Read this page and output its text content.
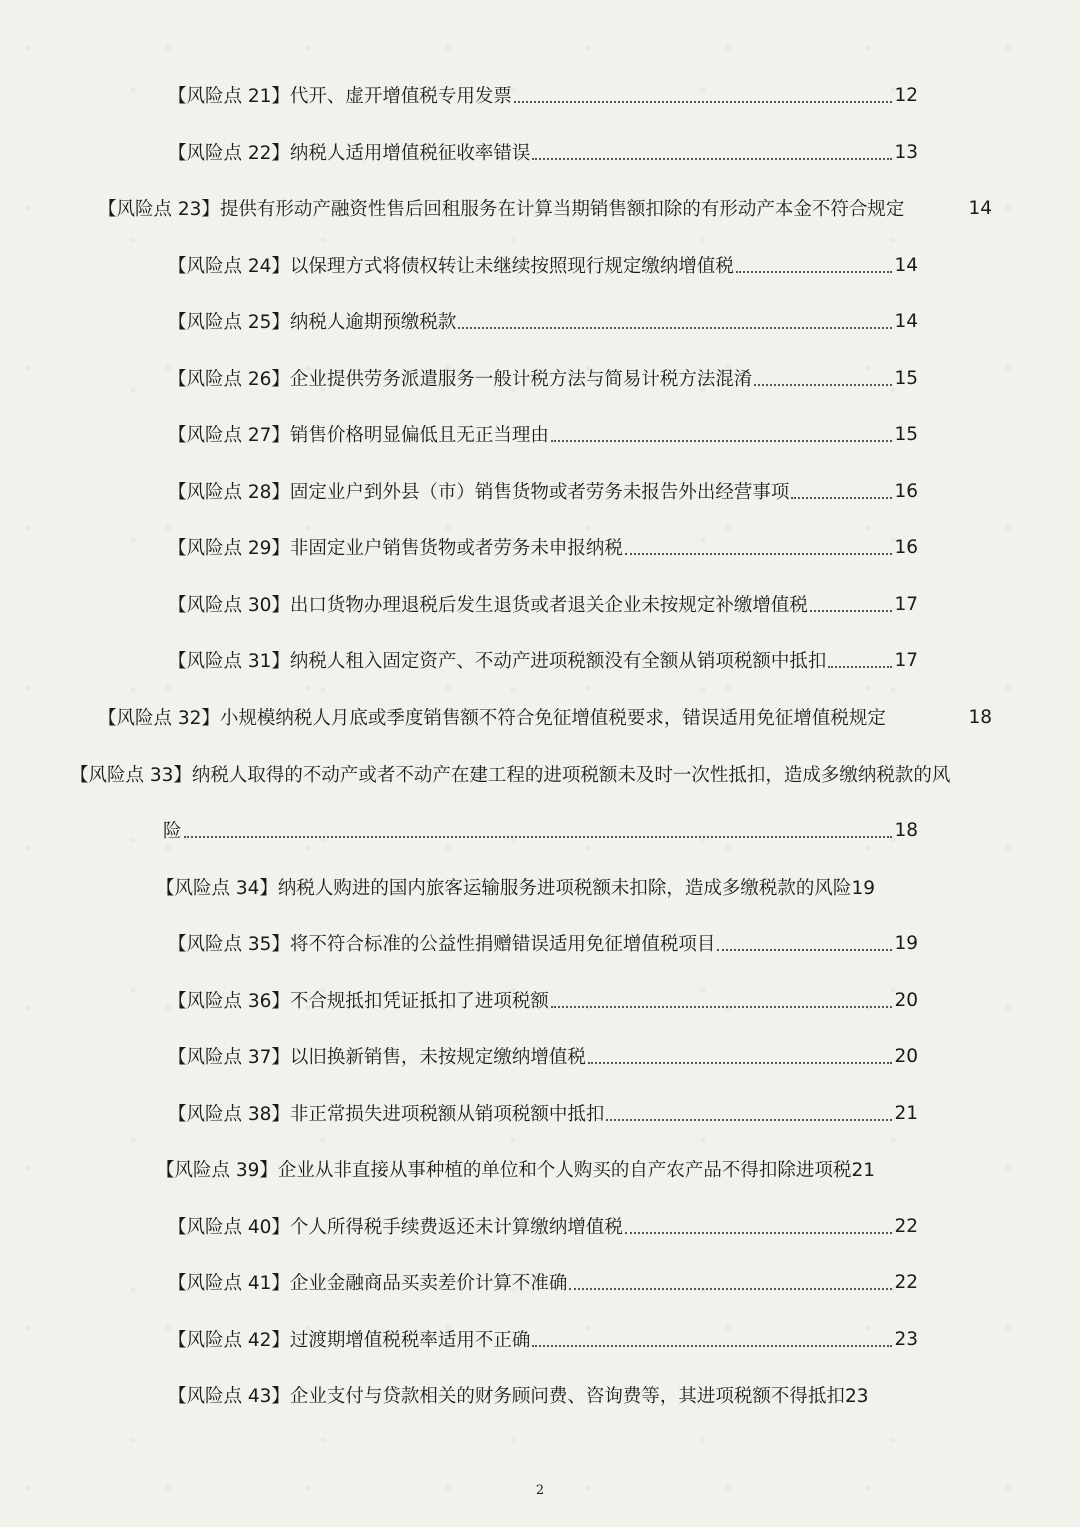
【风险点 21】代开、虚开增值税专用发票	12
【风险点 22】纳税人适用增值税征收率错误	13
【风险点 23】提供有形动产融资性售后回租服务在计算当期销售额扣除的有形动产本金不符合规定	14
【风险点 24】以保理方式将债权转让未继续按照现行规定缴纳增值税	14
【风险点 25】纳税人逾期预缴税款	14
【风险点 26】企业提供劳务派遣服务一般计税方法与简易计税方法混淆	15
【风险点 27】销售价格明显偏低且无正当理由	15
【风险点 28】固定业户到外县（市）销售货物或者劳务未报告外出经营事项	16
【风险点 29】非固定业户销售货物或者劳务未申报纳税	16
【风险点 30】出口货物办理退税后发生退货或者退关企业未按规定补缴增值税	17
【风险点 31】纳税人租入固定资产、不动产进项税额没有全额从销项税额中抵扣	17
【风险点 32】小规模纳税人月底或季度销售额不符合免征增值税要求，错误适用免征增值税规定	18
【风险点 33】纳税人取得的不动产或者不动产在建工程的进项税额未及时一次性抵扣，造成多缴纳税款的风
险	18
【风险点 34】纳税人购进的国内旅客运输服务进项税额未扣除，造成多缴税款的风险19
【风险点 35】将不符合标准的公益性捐赠错误适用免征增值税项目	19
【风险点 36】不合规抵扣凭证抵扣了进项税额	20
【风险点 37】以旧换新销售，未按规定缴纳增值税	20
【风险点 38】非正常损失进项税额从销项税额中抵扣	21
【风险点 39】企业从非直接从事种植的单位和个人购买的自产农产品不得扣除进项税21
【风险点 40】个人所得税手续费返还未计算缴纳增值税	22
【风险点 41】企业金融商品买卖差价计算不准确	22
【风险点 42】过渡期增值税税率适用不正确	23
【风险点 43】企业支付与贷款相关的财务顾问费、咨询费等，其进项税额不得抵扣23
2
